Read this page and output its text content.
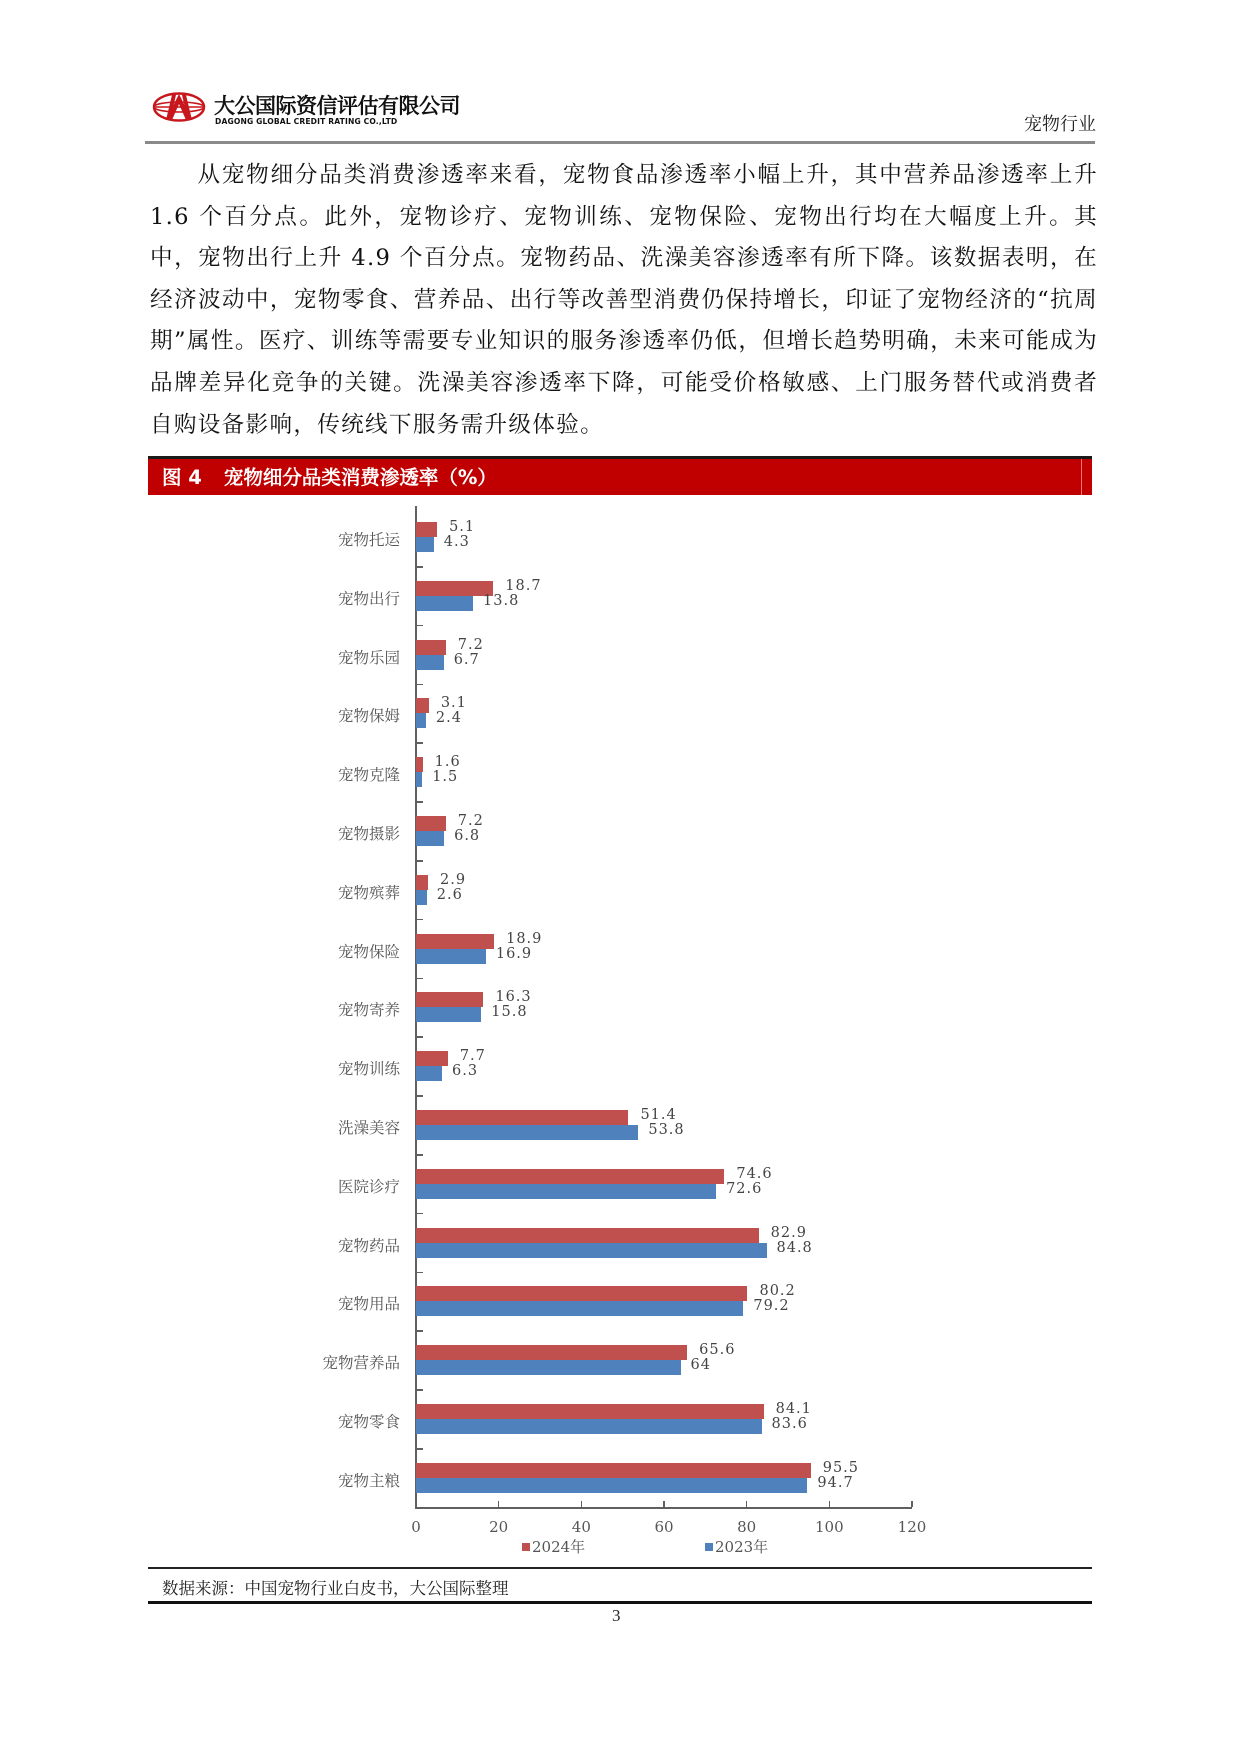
大公国际资信评估有限公司
DAGONG GLOBAL CREDIT RATING CO.,LTD	宠物行业
从宠物细分品类消费渗透率来看，宠物食品渗透率小幅上升，其中营养品渗透率上升 1.6 个百分点。此外，宠物诊疗、宠物训练、宠物保险、宠物出行均在大幅度上升。其中，宠物出行上升 4.9 个百分点。宠物药品、洗澡美容渗透率有所下降。该数据表明，在经济波动中，宠物零食、营养品、出行等改善型消费仍保持增长，印证了宠物经济的“抗周期”属性。医疗、训练等需要专业知识的服务渗透率仍低，但增长趋势明确，未来可能成为品牌差异化竞争的关键。洗澡美容渗透率下降，可能受价格敏感、上门服务替代或消费者自购设备影响，传统线下服务需升级体验。
图 4 宠物细分品类消费渗透率（%）
2024年	2023年
宠物托运
5.1
4.3
宠物出行
18.7
13.8
宠物乐园
7.2
6.7
宠物保姆
3.1
2.4
宠物克隆
1.6
1.5
宠物摄影
7.2
6.8
宠物殡葬
2.9
2.6
宠物保险
18.9
16.9
宠物寄养
16.3
15.8
宠物训练
7.7
6.3
洗澡美容
51.4
53.8
医院诊疗
74.6
72.6
宠物药品
82.9
84.8
宠物用品
80.2
79.2
宠物营养品
65.6
64
宠物零食
84.1
83.6
宠物主粮
95.5
94.7
0	20	40	60	80	100	120
数据来源：中国宠物行业白皮书，大公国际整理
3
